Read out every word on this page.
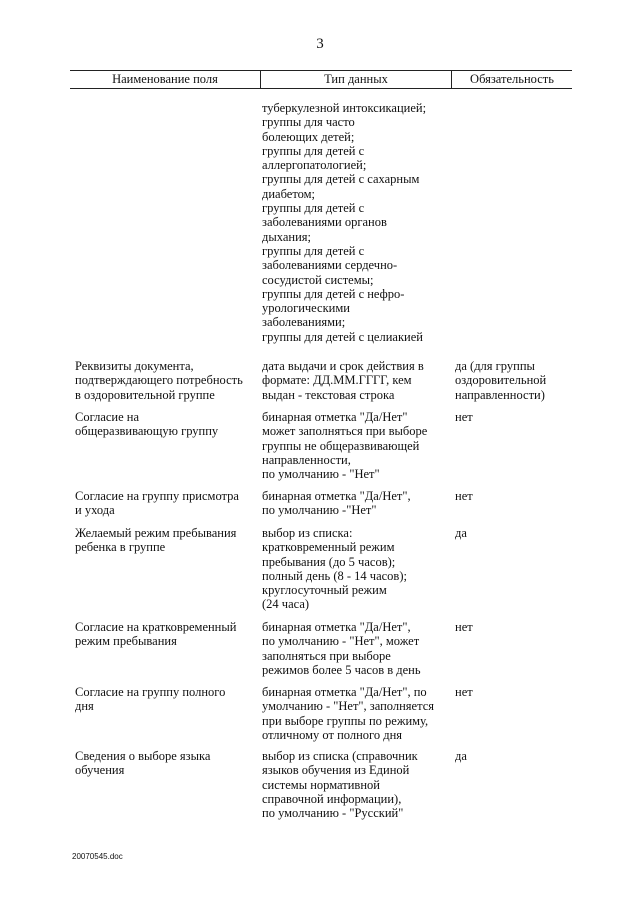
3
Наименование поля	Тип данных	Обязательность
туберкулезной интоксикацией;
группы для часто
болеющих детей;
группы для детей с
аллергопатологией;
группы для детей с сахарным
диабетом;
группы для детей с
заболеваниями органов
дыхания;
группы для детей с
заболеваниями сердечно-
сосудистой системы;
группы для детей с нефро-
урологическими
заболеваниями;
группы для детей с целиакией
Реквизиты документа,
подтверждающего потребность
в оздоровительной группе
дата выдачи и срок действия в
формате: ДД.ММ.ГГГГ, кем
выдан - текстовая строка
да (для группы
оздоровительной
направленности)
Согласие на
общеразвивающую группу
бинарная отметка "Да/Нет"
может заполняться при выборе
группы не общеразвивающей
направленности,
по умолчанию - "Нет"
нет
Согласие на группу присмотра
и ухода
бинарная отметка "Да/Нет",
по умолчанию -"Нет"
нет
Желаемый режим пребывания
ребенка в группе
выбор из списка:
кратковременный режим
пребывания (до 5 часов);
полный день (8 - 14 часов);
круглосуточный режим
(24 часа)
да
Согласие на кратковременный
режим пребывания
бинарная отметка "Да/Нет",
по умолчанию - "Нет", может
заполняться при выборе
режимов более 5 часов в день
нет
Согласие на группу полного
дня
бинарная отметка "Да/Нет", по
умолчанию - "Нет", заполняется
при выборе группы по режиму,
отличному от полного дня
нет
Сведения о выборе языка
обучения
выбор из списка (справочник
языков обучения из Единой
системы нормативной
справочной информации),
по умолчанию - "Русский"
да
20070545.doc
